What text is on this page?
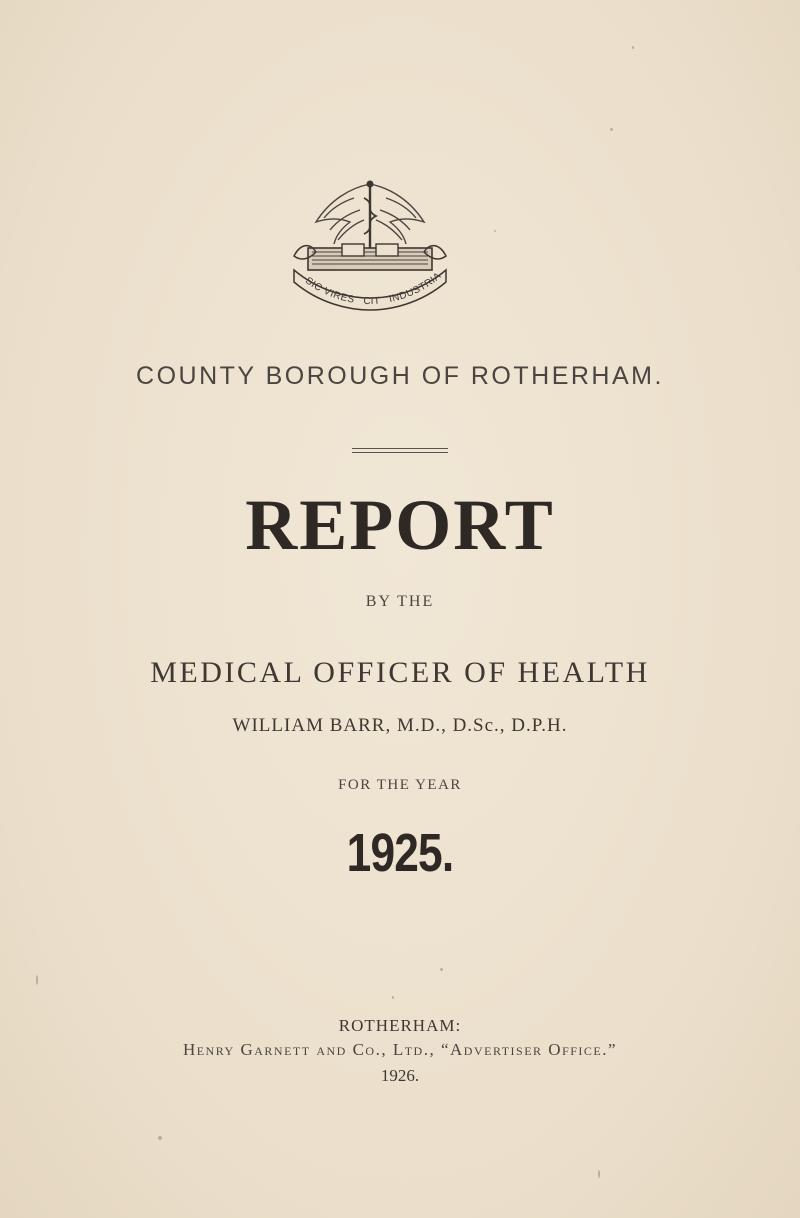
SIC VIRES CIT INDUSTRIA
COUNTY BOROUGH OF ROTHERHAM.
REPORT
BY THE
MEDICAL OFFICER OF HEALTH
WILLIAM BARR, M.D., D.Sc., D.P.H.
FOR THE YEAR
1925.
ROTHERHAM:
Henry Garnett and Co., Ltd., “Advertiser Office.”
1926.
